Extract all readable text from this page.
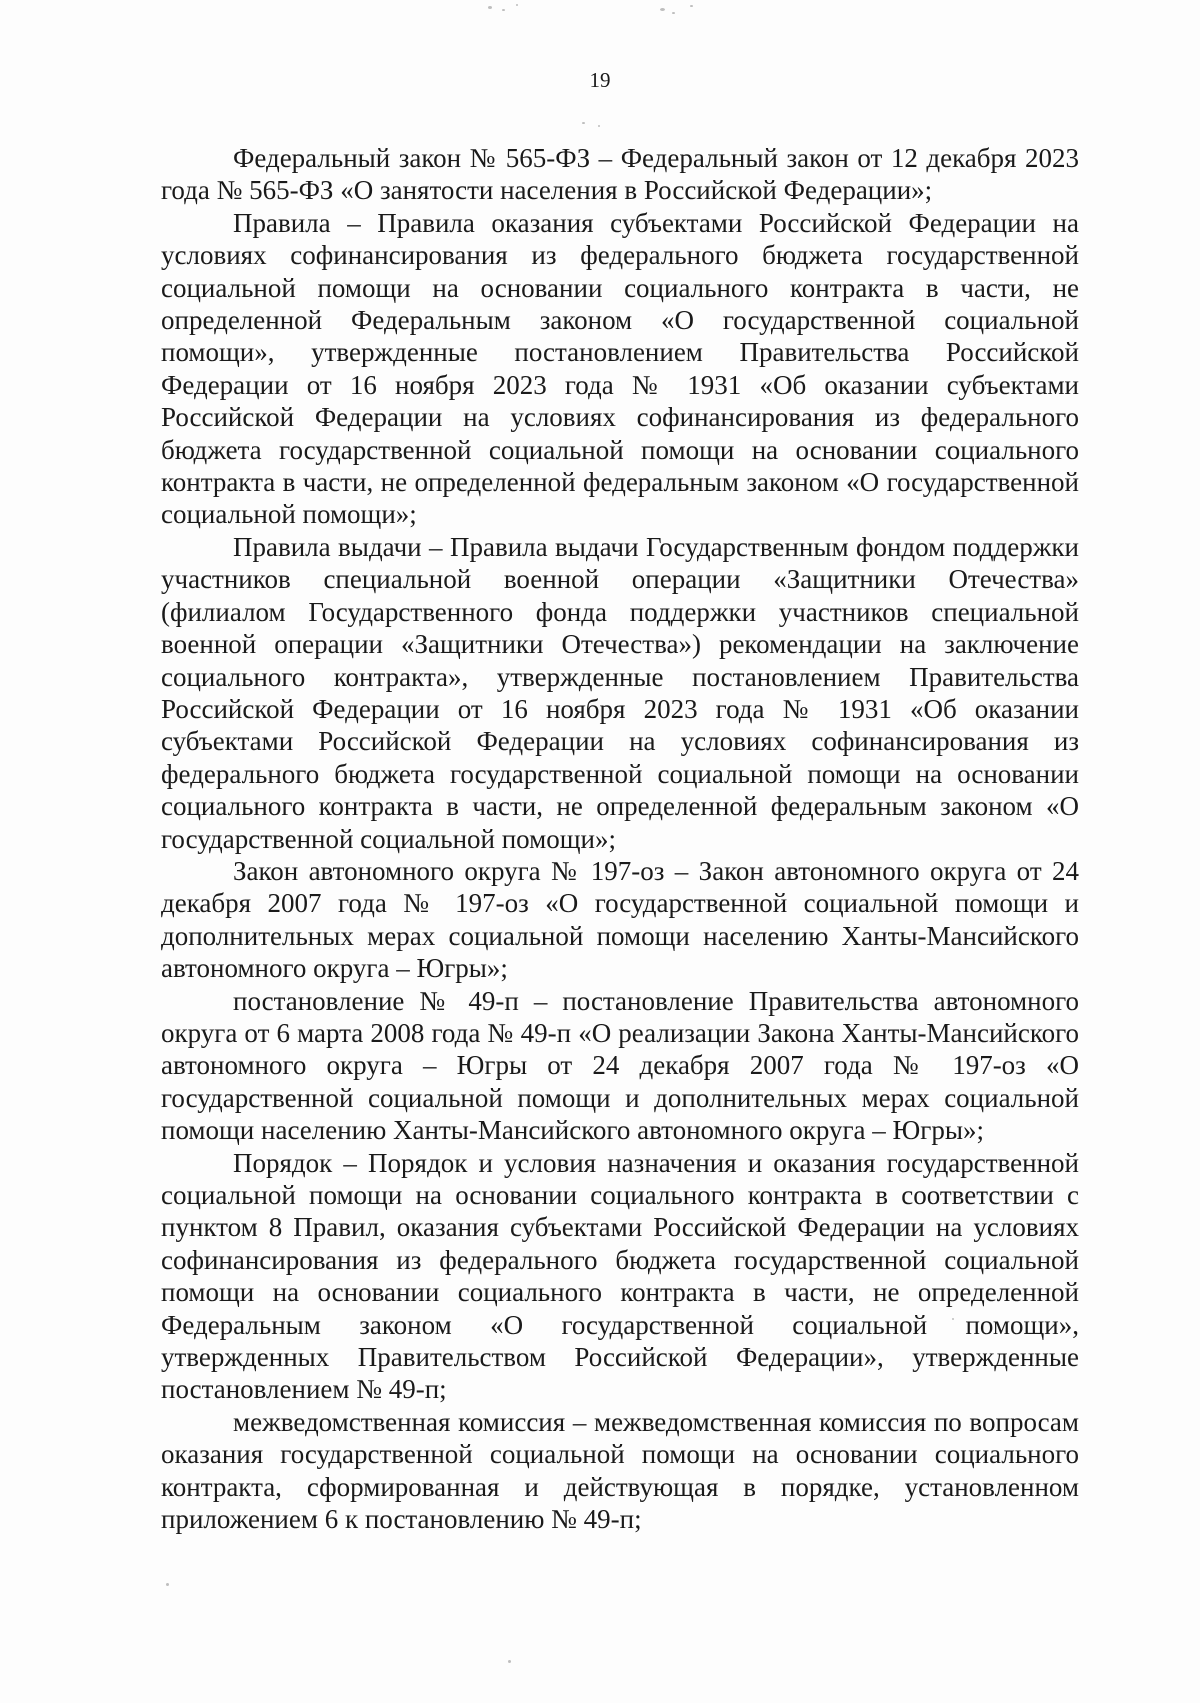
19

Федеральный закон № 565-ФЗ – Федеральный закон от 12 декабря 2023 года № 565-ФЗ «О занятости населения в Российской Федерации»;

Правила – Правила оказания субъектами Российской Федерации на условиях софинансирования из федерального бюджета государственной социальной помощи на основании социального контракта в части, не определенной Федеральным законом «О государственной социальной помощи», утвержденные постановлением Правительства Российской Федерации от 16 ноября 2023 года № 1931 «Об оказании субъектами Российской Федерации на условиях софинансирования из федерального бюджета государственной социальной помощи на основании социального контракта в части, не определенной федеральным законом «О государственной социальной помощи»;

Правила выдачи – Правила выдачи Государственным фондом поддержки участников специальной военной операции «Защитники Отечества» (филиалом Государственного фонда поддержки участников специальной военной операции «Защитники Отечества») рекомендации на заключение социального контракта», утвержденные постановлением Правительства Российской Федерации от 16 ноября 2023 года № 1931 «Об оказании субъектами Российской Федерации на условиях софинансирования из федерального бюджета государственной социальной помощи на основании социального контракта в части, не определенной федеральным законом «О государственной социальной помощи»;

Закон автономного округа № 197-оз – Закон автономного округа от 24 декабря 2007 года № 197-оз «О государственной социальной помощи и дополнительных мерах социальной помощи населению Ханты-Мансийского автономного округа – Югры»;

постановление № 49-п – постановление Правительства автономного округа от 6 марта 2008 года № 49-п «О реализации Закона Ханты-Мансийского автономного округа – Югры от 24 декабря 2007 года № 197-оз «О государственной социальной помощи и дополнительных мерах социальной помощи населению Ханты-Мансийского автономного округа – Югры»;

Порядок – Порядок и условия назначения и оказания государственной социальной помощи на основании социального контракта в соответствии с пунктом 8 Правил, оказания субъектами Российской Федерации на условиях софинансирования из федерального бюджета государственной социальной помощи на основании социального контракта в части, не определенной Федеральным законом «О государственной социальной помощи», утвержденных Правительством Российской Федерации», утвержденные постановлением № 49-п;

межведомственная комиссия – межведомственная комиссия по вопросам оказания государственной социальной помощи на основании социального контракта, сформированная и действующая в порядке, установленном приложением 6 к постановлению № 49-п;
